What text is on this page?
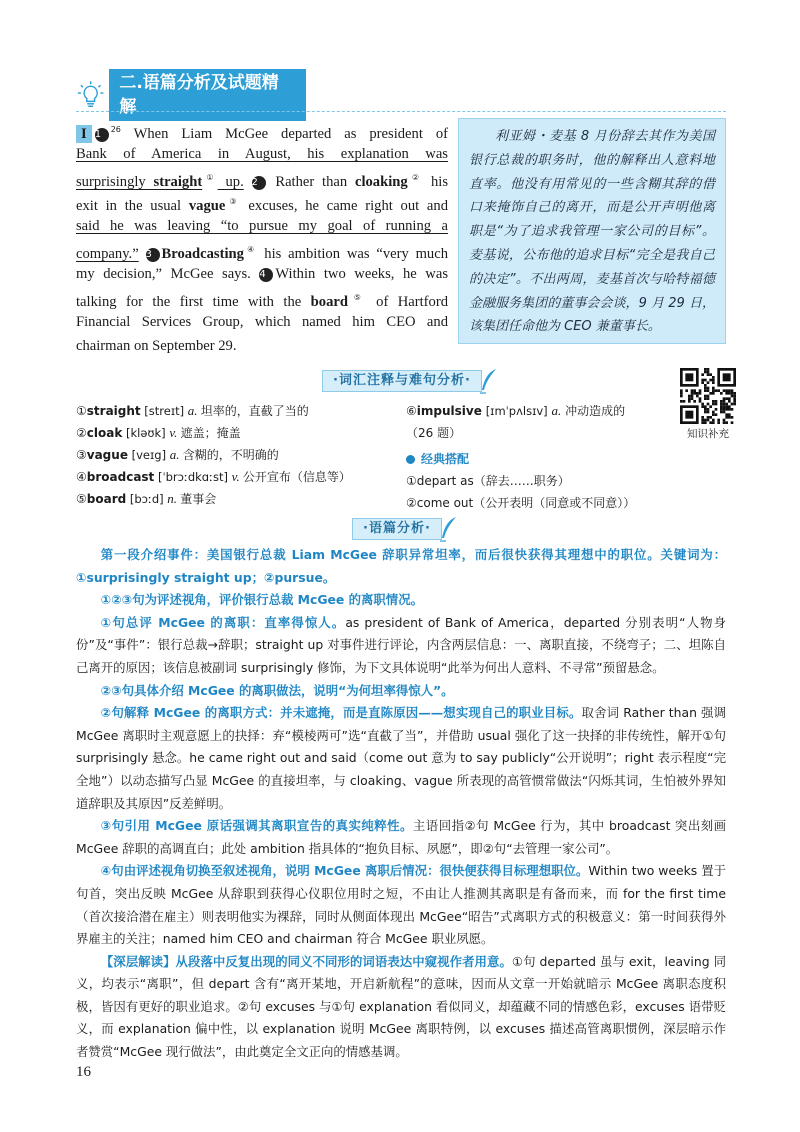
二.语篇分析及试题精解
I 1 $^{26}$ When Liam McGee departed as president of
Bank of America in August, his explanation was
surprisingly straight① up. 2 Rather than cloaking② his
exit in the usual vague③ excuses, he came right out and
said he was leaving “to pursue my goal of running a
company.” 3 Broadcasting④ his ambition was “very much
my decision,” McGee says. 4 Within two weeks, he was
talking for the first time with the board⑤ of Hartford
Financial Services Group, which named him CEO and
chairman on September 29.
利亚姆・麦基 8 月份辞去其作为美国银行总裁的职务时，他的解释出人意料地直率。他没有用常见的一些含糊其辞的借口来掩饰自己的离开，而是公开声明他离职是“为了追求我管理一家公司的目标”。麦基说，公布他的追求目标“完全是我自己的决定”。不出两周，麦基首次与哈特福德金融服务集团的董事会会谈，9 月 29 日，该集团任命他为 CEO 兼董事长。
·词汇注释与难句分析·
①straight [streɪt] a. 坦率的，直截了当的
②cloak [kləʊk] v. 遮盖；掩盖
③vague [veɪg] a. 含糊的，不明确的
④broadcast [ˈbrɔːdkɑːst] v. 公开宣布（信息等）
⑤board [bɔːd] n. 董事会
⑥impulsive [ɪmˈpʌlsɪv] a. 冲动造成的
（26 题）
经典搭配
①depart as（辞去……职务）
②come out（公开表明（同意或不同意））
知识补充
·语篇分析·

第一段介绍事件：美国银行总裁 Liam McGee 辞职异常坦率，而后很快获得其理想中的职位。关键词为：①surprisingly straight up；②pursue。

①②③句为评述视角，评价银行总裁 McGee 的离职情况。

①句总评 McGee 的离职：直率得惊人。as president of Bank of America，departed 分别表明“人物身份”及“事件”：银行总裁→辞职；straight up 对事件进行评论，内含两层信息：一、离职直接，不绕弯子；二、坦陈自己离开的原因；该信息被副词 surprisingly 修饰，为下文具体说明“此举为何出人意料、不寻常”预留悬念。

②③句具体介绍 McGee 的离职做法，说明“为何坦率得惊人”。

②句解释 McGee 的离职方式：并未遮掩，而是直陈原因——想实现自己的职业目标。取舍词 Rather than 强调 McGee 离职时主观意愿上的抉择：弃“模棱两可”选“直截了当”，并借助 usual 强化了这一抉择的非传统性，解开①句 surprisingly 悬念。he came right out and said（come out 意为 to say publicly“公开说明”；right 表示程度“完全地”）以动态描写凸显 McGee 的直接坦率，与 cloaking、vague 所表现的高管惯常做法“闪烁其词，生怕被外界知道辞职及其原因”反差鲜明。

③句引用 McGee 原话强调其离职宣告的真实纯粹性。主语回指②句 McGee 行为，其中 broadcast 突出刻画 McGee 辞职的高调直白；此处 ambition 指具体的“抱负目标、夙愿”，即②句“去管理一家公司”。

④句由评述视角切换至叙述视角，说明 McGee 离职后情况：很快便获得目标理想职位。Within two weeks 置于句首，突出反映 McGee 从辞职到获得心仪职位用时之短，不由让人推测其离职是有备而来，而 for the first time（首次接洽潜在雇主）则表明他实为裸辞，同时从侧面体现出 McGee“昭告”式离职方式的积极意义：第一时间获得外界雇主的关注；named him CEO and chairman 符合 McGee 职业夙愿。

【深层解读】从段落中反复出现的同义不同形的词语表达中窥视作者用意。①句 departed 虽与 exit，leaving 同义，均表示“离职”，但 depart 含有“离开某地，开启新航程”的意味，因而从文章一开始就暗示 McGee 离职态度积极，皆因有更好的职业追求。②句 excuses 与①句 explanation 看似同义，却蕴藏不同的情感色彩，excuses 语带贬义，而 explanation 偏中性，以 explanation 说明 McGee 离职特例，以 excuses 描述高管离职惯例，深层暗示作者赞赏“McGee 现行做法”，由此奠定全文正向的情感基调。

16
